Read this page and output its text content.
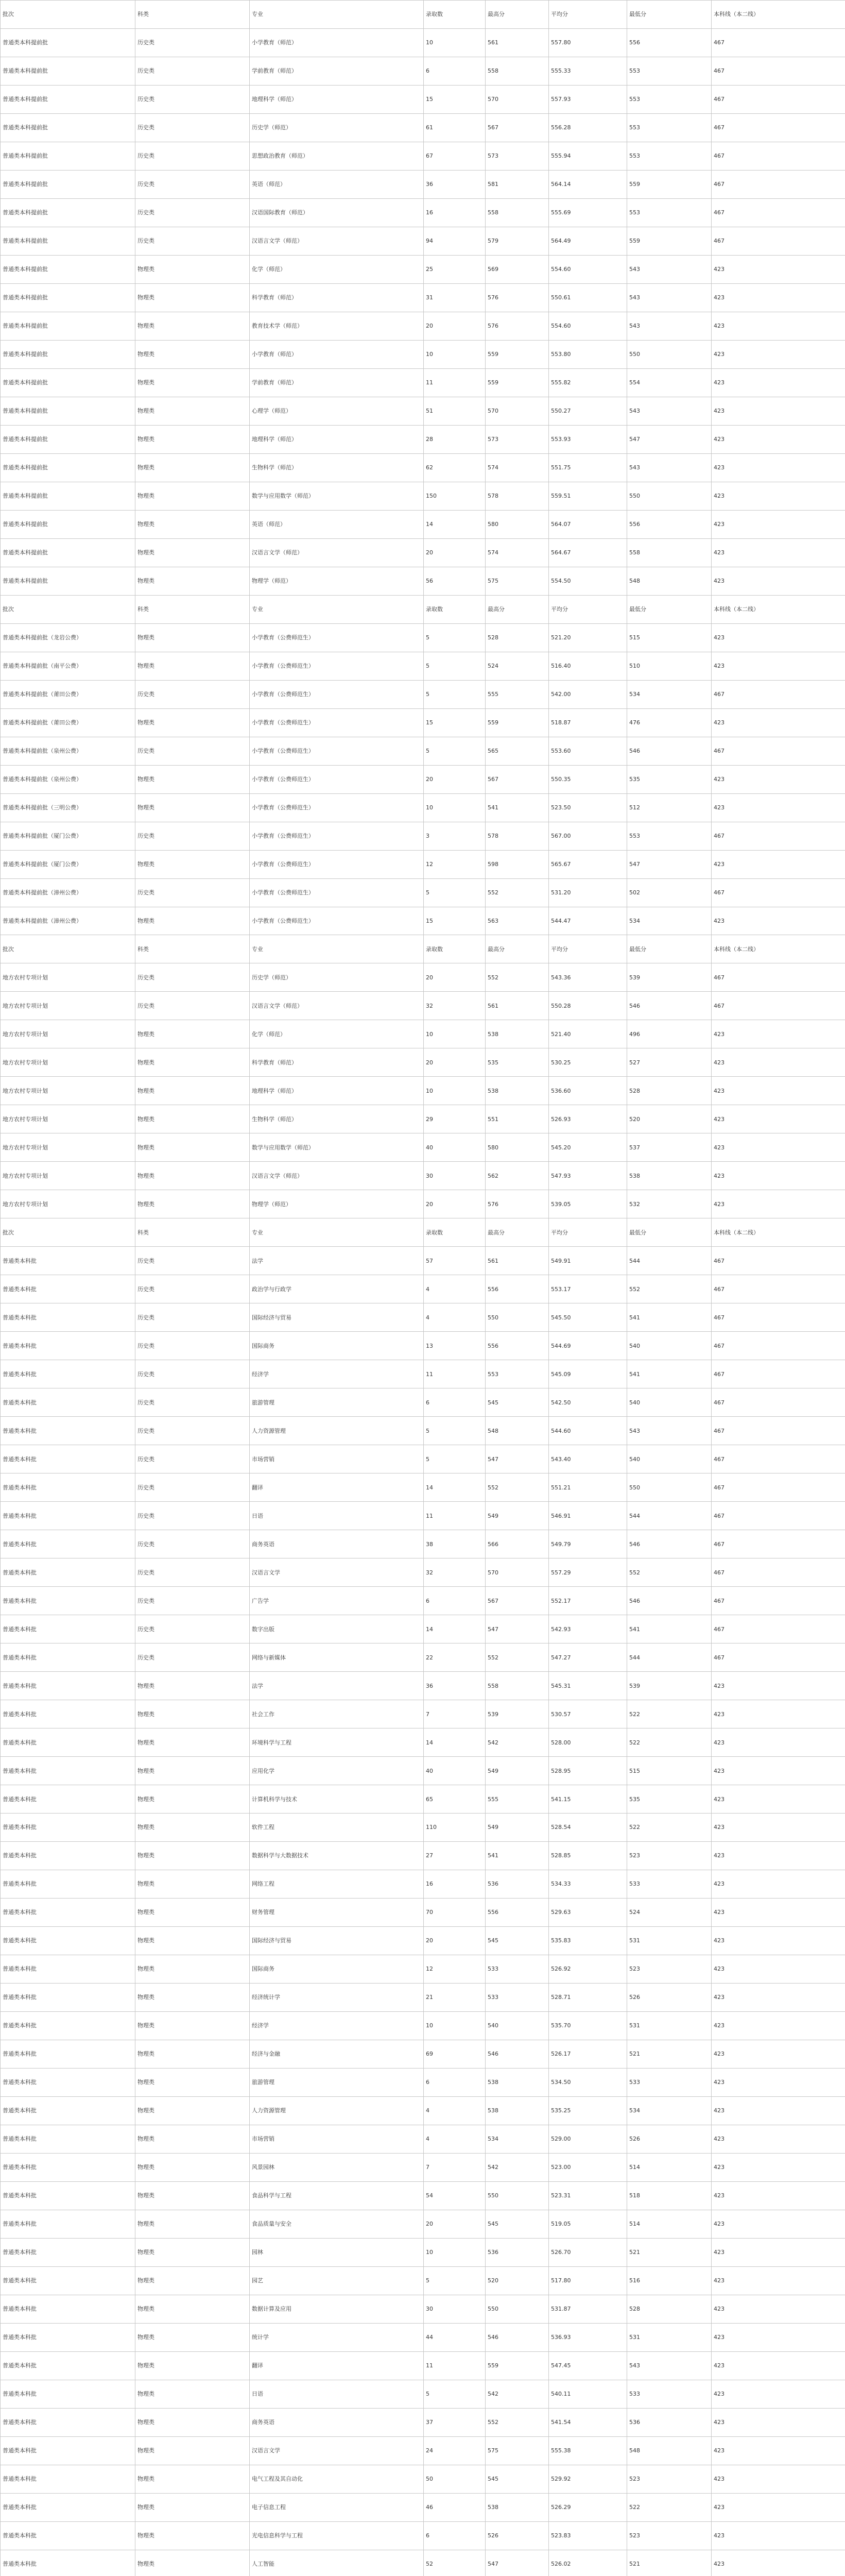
批次	科类	专业	录取数	最高分	平均分	最低分	本科线（本二线）
普通类本科提前批	历史类	小学教育（师范）	10	561	557.80	556	467
普通类本科提前批	历史类	学前教育（师范）	6	558	555.33	553	467
普通类本科提前批	历史类	地理科学（师范）	15	570	557.93	553	467
普通类本科提前批	历史类	历史学（师范）	61	567	556.28	553	467
普通类本科提前批	历史类	思想政治教育（师范）	67	573	555.94	553	467
普通类本科提前批	历史类	英语（师范）	36	581	564.14	559	467
普通类本科提前批	历史类	汉语国际教育（师范）	16	558	555.69	553	467
普通类本科提前批	历史类	汉语言文学（师范）	94	579	564.49	559	467
普通类本科提前批	物理类	化学（师范）	25	569	554.60	543	423
普通类本科提前批	物理类	科学教育（师范）	31	576	550.61	543	423
普通类本科提前批	物理类	教育技术学（师范）	20	576	554.60	543	423
普通类本科提前批	物理类	小学教育（师范）	10	559	553.80	550	423
普通类本科提前批	物理类	学前教育（师范）	11	559	555.82	554	423
普通类本科提前批	物理类	心理学（师范）	51	570	550.27	543	423
普通类本科提前批	物理类	地理科学（师范）	28	573	553.93	547	423
普通类本科提前批	物理类	生物科学（师范）	62	574	551.75	543	423
普通类本科提前批	物理类	数学与应用数学（师范）	150	578	559.51	550	423
普通类本科提前批	物理类	英语（师范）	14	580	564.07	556	423
普通类本科提前批	物理类	汉语言文学（师范）	20	574	564.67	558	423
普通类本科提前批	物理类	物理学（师范）	56	575	554.50	548	423
批次	科类	专业	录取数	最高分	平均分	最低分	本科线（本二线）
普通类本科提前批（龙岩公费）	物理类	小学教育（公费师范生）	5	528	521.20	515	423
普通类本科提前批（南平公费）	物理类	小学教育（公费师范生）	5	524	516.40	510	423
普通类本科提前批（莆田公费）	历史类	小学教育（公费师范生）	5	555	542.00	534	467
普通类本科提前批（莆田公费）	物理类	小学教育（公费师范生）	15	559	518.87	476	423
普通类本科提前批（泉州公费）	历史类	小学教育（公费师范生）	5	565	553.60	546	467
普通类本科提前批（泉州公费）	物理类	小学教育（公费师范生）	20	567	550.35	535	423
普通类本科提前批（三明公费）	物理类	小学教育（公费师范生）	10	541	523.50	512	423
普通类本科提前批（厦门公费）	历史类	小学教育（公费师范生）	3	578	567.00	553	467
普通类本科提前批（厦门公费）	物理类	小学教育（公费师范生）	12	598	565.67	547	423
普通类本科提前批（漳州公费）	历史类	小学教育（公费师范生）	5	552	531.20	502	467
普通类本科提前批（漳州公费）	物理类	小学教育（公费师范生）	15	563	544.47	534	423
批次	科类	专业	录取数	最高分	平均分	最低分	本科线（本二线）
地方农村专项计划	历史类	历史学（师范）	20	552	543.36	539	467
地方农村专项计划	历史类	汉语言文学（师范）	32	561	550.28	546	467
地方农村专项计划	物理类	化学（师范）	10	538	521.40	496	423
地方农村专项计划	物理类	科学教育（师范）	20	535	530.25	527	423
地方农村专项计划	物理类	地理科学（师范）	10	538	536.60	528	423
地方农村专项计划	物理类	生物科学（师范）	29	551	526.93	520	423
地方农村专项计划	物理类	数学与应用数学（师范）	40	580	545.20	537	423
地方农村专项计划	物理类	汉语言文学（师范）	30	562	547.93	538	423
地方农村专项计划	物理类	物理学（师范）	20	576	539.05	532	423
批次	科类	专业	录取数	最高分	平均分	最低分	本科线（本二线）
普通类本科批	历史类	法学	57	561	549.91	544	467
普通类本科批	历史类	政治学与行政学	4	556	553.17	552	467
普通类本科批	历史类	国际经济与贸易	4	550	545.50	541	467
普通类本科批	历史类	国际商务	13	556	544.69	540	467
普通类本科批	历史类	经济学	11	553	545.09	541	467
普通类本科批	历史类	旅游管理	6	545	542.50	540	467
普通类本科批	历史类	人力资源管理	5	548	544.60	543	467
普通类本科批	历史类	市场营销	5	547	543.40	540	467
普通类本科批	历史类	翻译	14	552	551.21	550	467
普通类本科批	历史类	日语	11	549	546.91	544	467
普通类本科批	历史类	商务英语	38	566	549.79	546	467
普通类本科批	历史类	汉语言文学	32	570	557.29	552	467
普通类本科批	历史类	广告学	6	567	552.17	546	467
普通类本科批	历史类	数字出版	14	547	542.93	541	467
普通类本科批	历史类	网络与新媒体	22	552	547.27	544	467
普通类本科批	物理类	法学	36	558	545.31	539	423
普通类本科批	物理类	社会工作	7	539	530.57	522	423
普通类本科批	物理类	环境科学与工程	14	542	528.00	522	423
普通类本科批	物理类	应用化学	40	549	528.95	515	423
普通类本科批	物理类	计算机科学与技术	65	555	541.15	535	423
普通类本科批	物理类	软件工程	110	549	528.54	522	423
普通类本科批	物理类	数据科学与大数据技术	27	541	528.85	523	423
普通类本科批	物理类	网络工程	16	536	534.33	533	423
普通类本科批	物理类	财务管理	70	556	529.63	524	423
普通类本科批	物理类	国际经济与贸易	20	545	535.83	531	423
普通类本科批	物理类	国际商务	12	533	526.92	523	423
普通类本科批	物理类	经济统计学	21	533	528.71	526	423
普通类本科批	物理类	经济学	10	540	535.70	531	423
普通类本科批	物理类	经济与金融	69	546	526.17	521	423
普通类本科批	物理类	旅游管理	6	538	534.50	533	423
普通类本科批	物理类	人力资源管理	4	538	535.25	534	423
普通类本科批	物理类	市场营销	4	534	529.00	526	423
普通类本科批	物理类	风景园林	7	542	523.00	514	423
普通类本科批	物理类	食品科学与工程	54	550	523.31	518	423
普通类本科批	物理类	食品质量与安全	20	545	519.05	514	423
普通类本科批	物理类	园林	10	536	526.70	521	423
普通类本科批	物理类	园艺	5	520	517.80	516	423
普通类本科批	物理类	数据计算及应用	30	550	531.87	528	423
普通类本科批	物理类	统计学	44	546	536.93	531	423
普通类本科批	物理类	翻译	11	559	547.45	543	423
普通类本科批	物理类	日语	5	542	540.11	533	423
普通类本科批	物理类	商务英语	37	552	541.54	536	423
普通类本科批	物理类	汉语言文学	24	575	555.38	548	423
普通类本科批	物理类	电气工程及其自动化	50	545	529.92	523	423
普通类本科批	物理类	电子信息工程	46	538	526.29	522	423
普通类本科批	物理类	光电信息科学与工程	6	526	523.83	523	423
普通类本科批	物理类	人工智能	52	547	526.02	521	423
